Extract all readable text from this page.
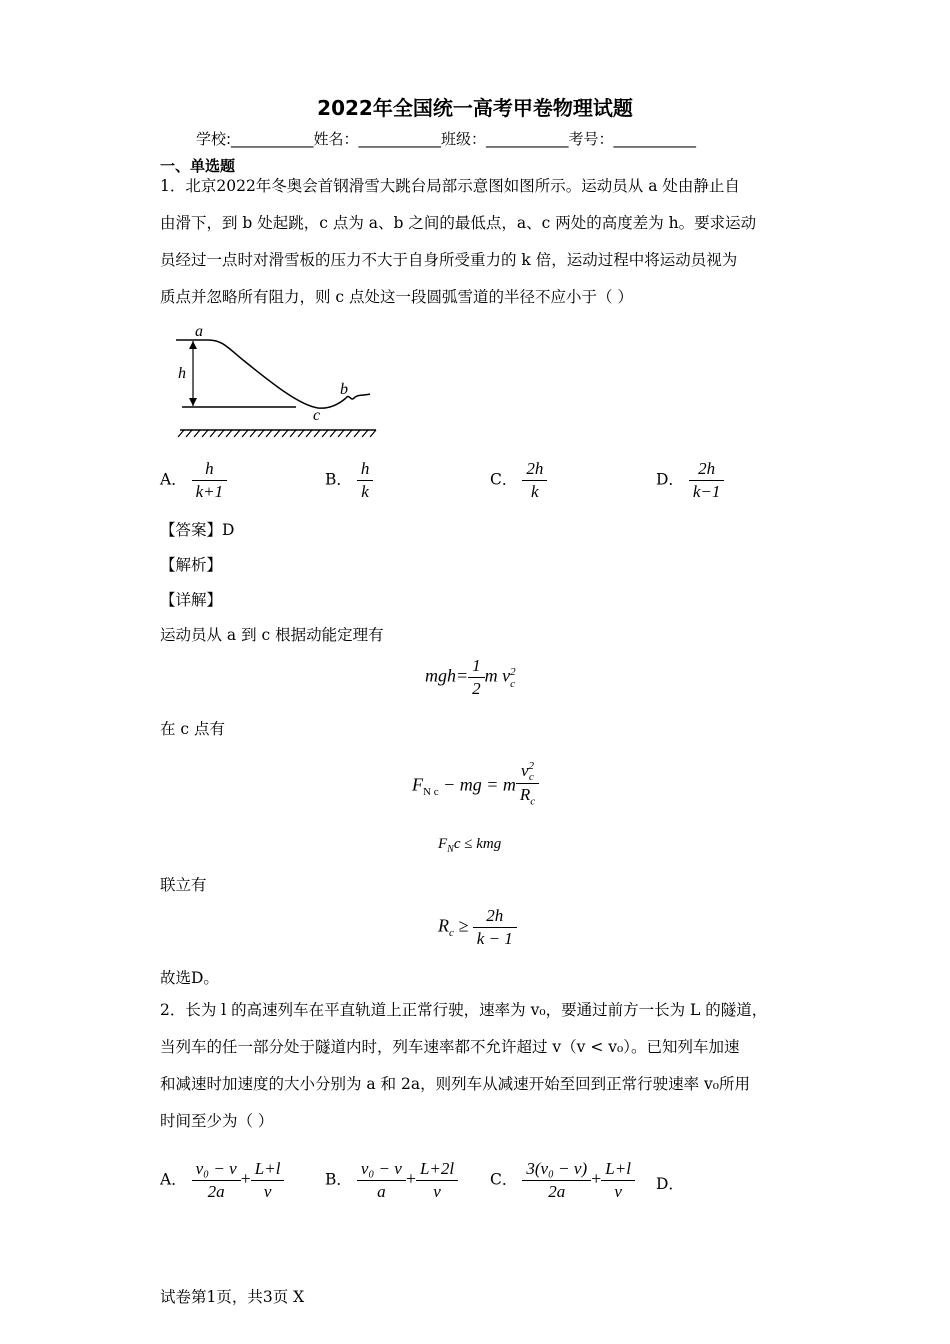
2022年全国统一高考甲卷物理试题
学校:___________姓名：___________班级：___________考号：___________
一、单选题
1．北京2022年冬奥会首钢滑雪大跳台局部示意图如图所示。运动员从 a 处由静止自
由滑下，到 b 处起跳，c 点为 a、b 之间的最低点，a、c 两处的高度差为 h。要求运动
员经过一点时对滑雪板的压力不大于自身所受重力的 k 倍，运动过程中将运动员视为
质点并忽略所有阻力，则 c 点处这一段圆弧雪道的半径不应小于（ ）
a
h
b
c
A． $\frac{h}{k+1}$	B． $\frac{h}{k}$	C． $\frac{2h}{k}$	D． $\frac{2h}{k-1}$
【答案】D
【解析】
【详解】
运动员从 a 到 c 根据动能定理有
$mgh= \frac{1}{2}$ m v 2
c
在 c 点有
$F_{N c}$ − mg = m v 2
c
$R_c$
$F_Nc$ ≤ kmg
联立有
$R_c \ge \frac{2h}{k - 1}$
故选D。
2．长为 l 的高速列车在平直轨道上正常行驶，速率为 v₀，要通过前方一长为 L 的隧道，
当列车的任一部分处于隧道内时，列车速率都不允许超过 v（v < v₀）。已知列车加速
和减速时加速度的大小分别为 a 和 2a，则列车从减速开始至回到正常行驶速率 v₀所用
时间至少为（ ）
A． $\frac{\text{v₀ − v}}{2a} + \frac{L+l}{v}$	B． $\frac{\text{v₀ − v}}{a} + \frac{L+2l}{v}$ C． $\frac{\text{3(v₀ − v)}}{2a} + \frac{L+l}{v}$ D．
试卷第1页，共3页 X
